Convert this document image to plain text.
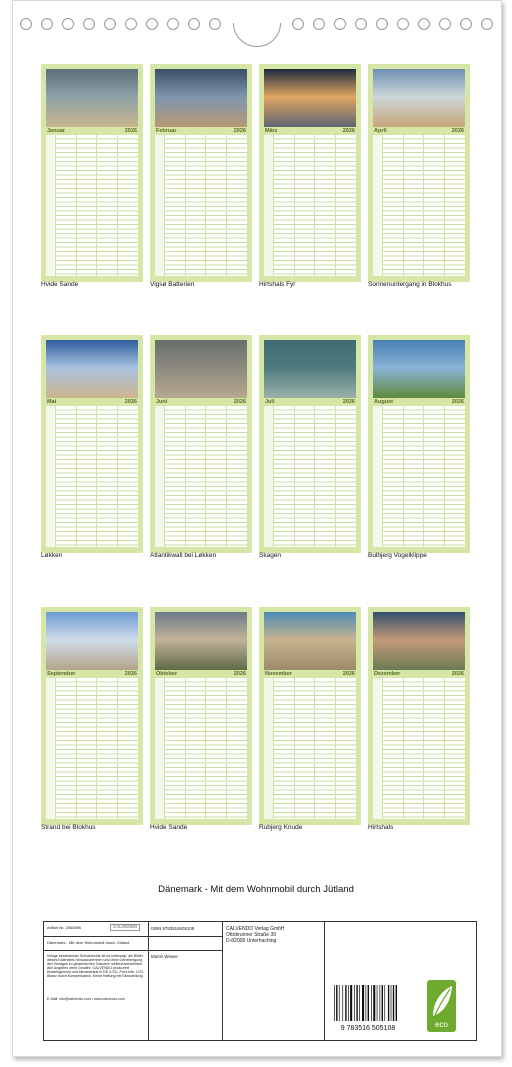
Januar	2026
Hvide Sande
Februar	2026
Vigsø Batterien
März	2026
Hirtshals Fyr
April	2026
Sonnenuntergang in Blokhus
Mai	2026
Løkken
Juni	2026
Atlantikwall bei Løkken
Juli	2026
Skagen
August	2026
Bulbjerg Vogelklippe
September	2026
Strand bei Blokhus
Oktober	2026
Hvide Sande
November	2026
Rubjerg Knude
Dezember	2026
Hirtshals
Dänemark - Mit dem Wohnmobil durch Jütland
Artikel Nr. 2560896	CALVENDO
Dänemark - Mit dem Wohnmobil durch Jütland
Infolge bestehender Schutzrechte ist es untersagt, die Bilder dieses Kalenders herauszutrennen und ohne Genehmigung des Verlages zu gewerblichen Zwecken weiterzuverwenden. Alle Angaben ohne Gewähr. CALVENDO produziert bedarfsgerecht und klimaneutral in DE & EU. Print-info: CO2-Bilanz durch Kompensation. Keine Haftung bei Eilzustellung.
E-Mail: info@calvendo.com • www.calvendo.com
ISBN 9783516505108
Martin Wewer
CALVENDO Verlag GmbH
Ottobrunner Straße 39
D-82008 Unterhaching
9 783516 505108	eco
